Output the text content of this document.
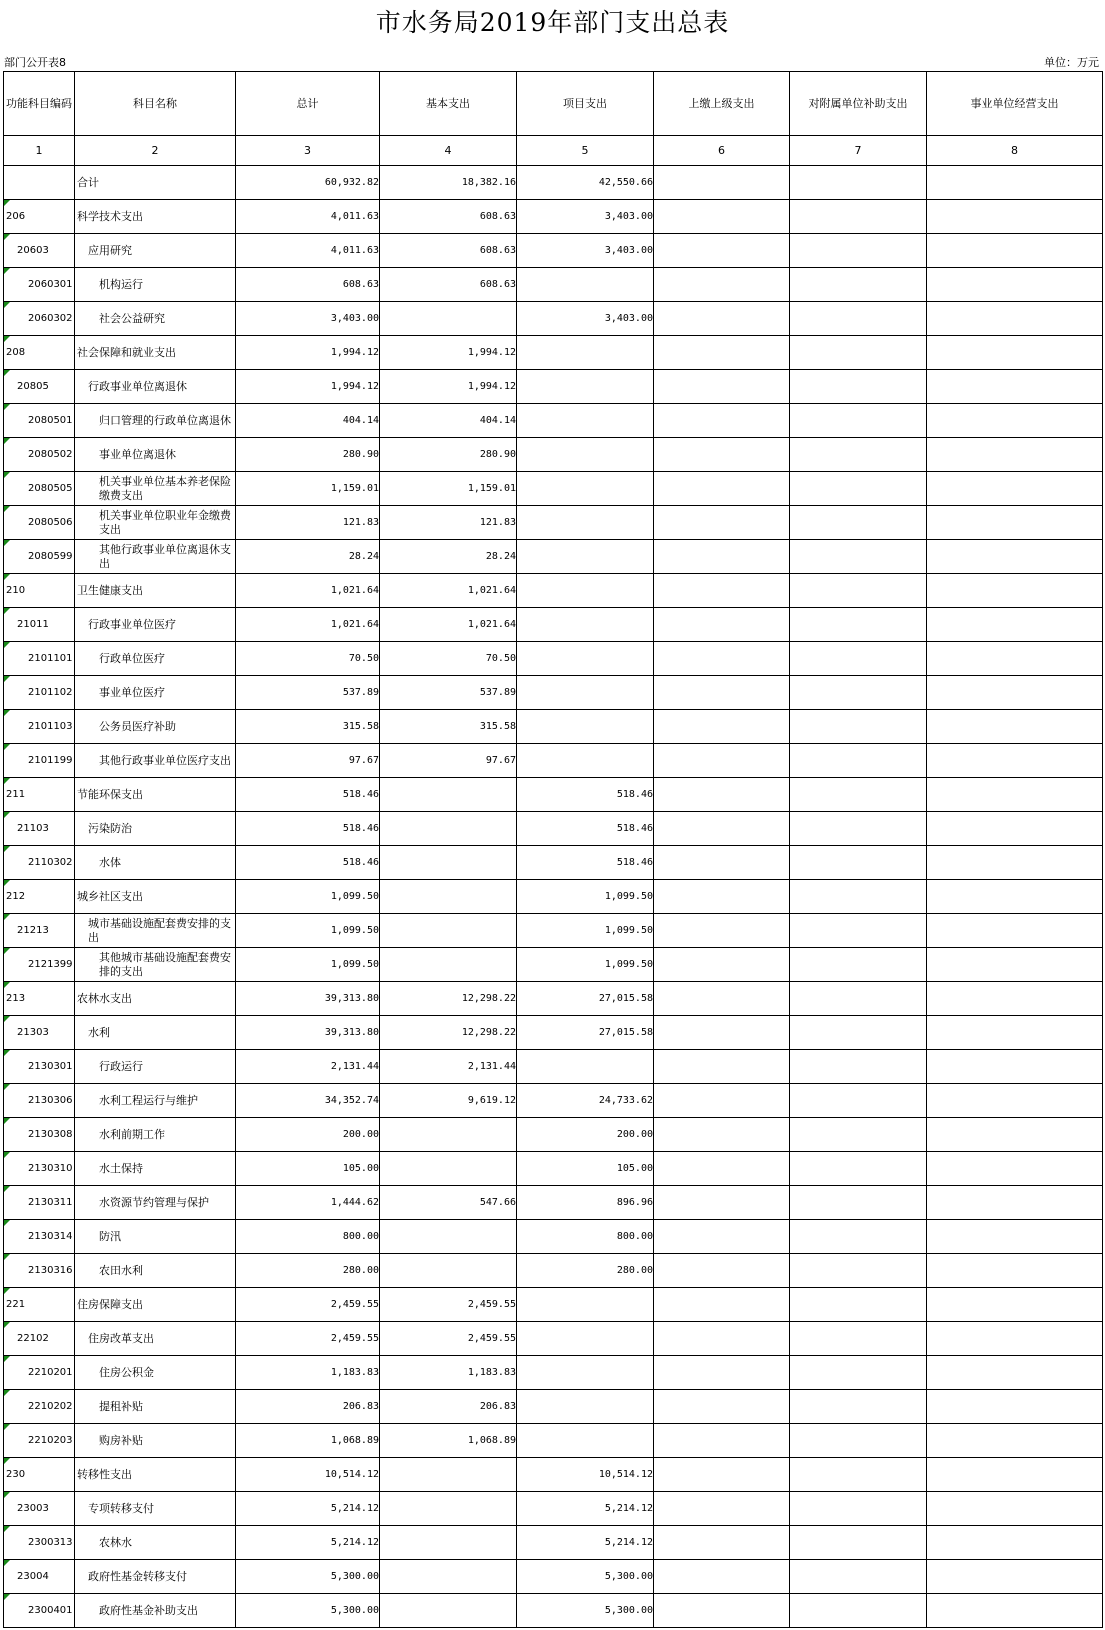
市水务局2019年部门支出总表
部门公开表8	单位：万元
功能科目编码	科目名称	总计	基本支出	项目支出	上缴上级支出	对附属单位补助支出	事业单位经营支出
1	2	3	4	5	6	7	8
	合计	60,932.82	18,382.16	42,550.66			
206	科学技术支出	4,011.63	608.63	3,403.00			
20603	应用研究	4,011.63	608.63	3,403.00			
2060301	机构运行	608.63	608.63				
2060302	社会公益研究	3,403.00		3,403.00			
208	社会保障和就业支出	1,994.12	1,994.12				
20805	行政事业单位离退休	1,994.12	1,994.12				
2080501	归口管理的行政单位离退休	404.14	404.14				
2080502	事业单位离退休	280.90	280.90				
2080505	机关事业单位基本养老保险缴费支出	1,159.01	1,159.01				
2080506	机关事业单位职业年金缴费支出	121.83	121.83				
2080599	其他行政事业单位离退休支出	28.24	28.24				
210	卫生健康支出	1,021.64	1,021.64				
21011	行政事业单位医疗	1,021.64	1,021.64				
2101101	行政单位医疗	70.50	70.50				
2101102	事业单位医疗	537.89	537.89				
2101103	公务员医疗补助	315.58	315.58				
2101199	其他行政事业单位医疗支出	97.67	97.67				
211	节能环保支出	518.46		518.46			
21103	污染防治	518.46		518.46			
2110302	水体	518.46		518.46			
212	城乡社区支出	1,099.50		1,099.50			
21213	城市基础设施配套费安排的支出	1,099.50		1,099.50			
2121399	其他城市基础设施配套费安排的支出	1,099.50		1,099.50			
213	农林水支出	39,313.80	12,298.22	27,015.58			
21303	水利	39,313.80	12,298.22	27,015.58			
2130301	行政运行	2,131.44	2,131.44				
2130306	水利工程运行与维护	34,352.74	9,619.12	24,733.62			
2130308	水利前期工作	200.00		200.00			
2130310	水土保持	105.00		105.00			
2130311	水资源节约管理与保护	1,444.62	547.66	896.96			
2130314	防汛	800.00		800.00			
2130316	农田水利	280.00		280.00			
221	住房保障支出	2,459.55	2,459.55				
22102	住房改革支出	2,459.55	2,459.55				
2210201	住房公积金	1,183.83	1,183.83				
2210202	提租补贴	206.83	206.83				
2210203	购房补贴	1,068.89	1,068.89				
230	转移性支出	10,514.12		10,514.12			
23003	专项转移支付	5,214.12		5,214.12			
2300313	农林水	5,214.12		5,214.12			
23004	政府性基金转移支付	5,300.00		5,300.00			
2300401	政府性基金补助支出	5,300.00		5,300.00			
